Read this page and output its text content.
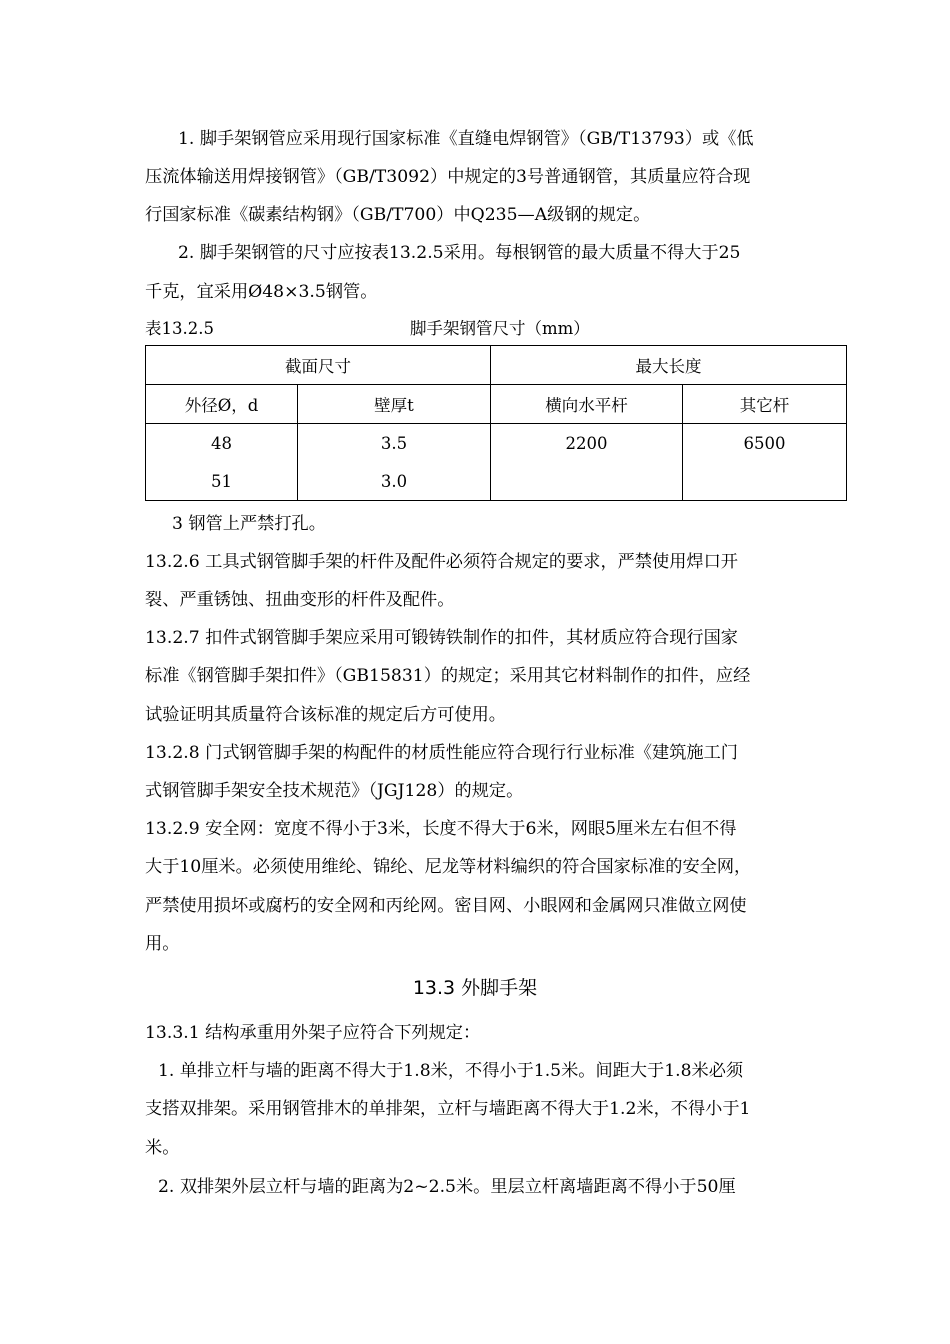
1. 脚手架钢管应采用现行国家标准《直缝电焊钢管》（GB/T13793）或《低
压流体输送用焊接钢管》（GB/T3092）中规定的3号普通钢管，其质量应符合现
行国家标准《碳素结构钢》（GB/T700）中Q235—A级钢的规定。
2. 脚手架钢管的尺寸应按表13.2.5采用。每根钢管的最大质量不得大于25
千克，宜采用Ø48×3.5钢管。
表13.2.5	脚手架钢管尺寸（mm）
截面尺寸		最大长度	
外径Ø，d	壁厚t	横向水平杆	其它杆
48	3.5	2200	6500
51	3.0		
3 钢管上严禁打孔。
13.2.6 工具式钢管脚手架的杆件及配件必须符合规定的要求，严禁使用焊口开
裂、严重锈蚀、扭曲变形的杆件及配件。
13.2.7 扣件式钢管脚手架应采用可锻铸铁制作的扣件，其材质应符合现行国家
标准《钢管脚手架扣件》（GB15831）的规定；采用其它材料制作的扣件，应经
试验证明其质量符合该标准的规定后方可使用。
13.2.8 门式钢管脚手架的构配件的材质性能应符合现行行业标准《建筑施工门
式钢管脚手架安全技术规范》（JGJ128）的规定。
13.2.9 安全网：宽度不得小于3米，长度不得大于6米，网眼5厘米左右但不得
大于10厘米。必须使用维纶、锦纶、尼龙等材料编织的符合国家标准的安全网，
严禁使用损坏或腐朽的安全网和丙纶网。密目网、小眼网和金属网只准做立网使
用。
13.3 外脚手架
13.3.1 结构承重用外架子应符合下列规定：
1. 单排立杆与墙的距离不得大于1.8米，不得小于1.5米。间距大于1.8米必须
支搭双排架。采用钢管排木的单排架，立杆与墙距离不得大于1.2米，不得小于1
米。
2. 双排架外层立杆与墙的距离为2~2.5米。里层立杆离墙距离不得小于50厘
